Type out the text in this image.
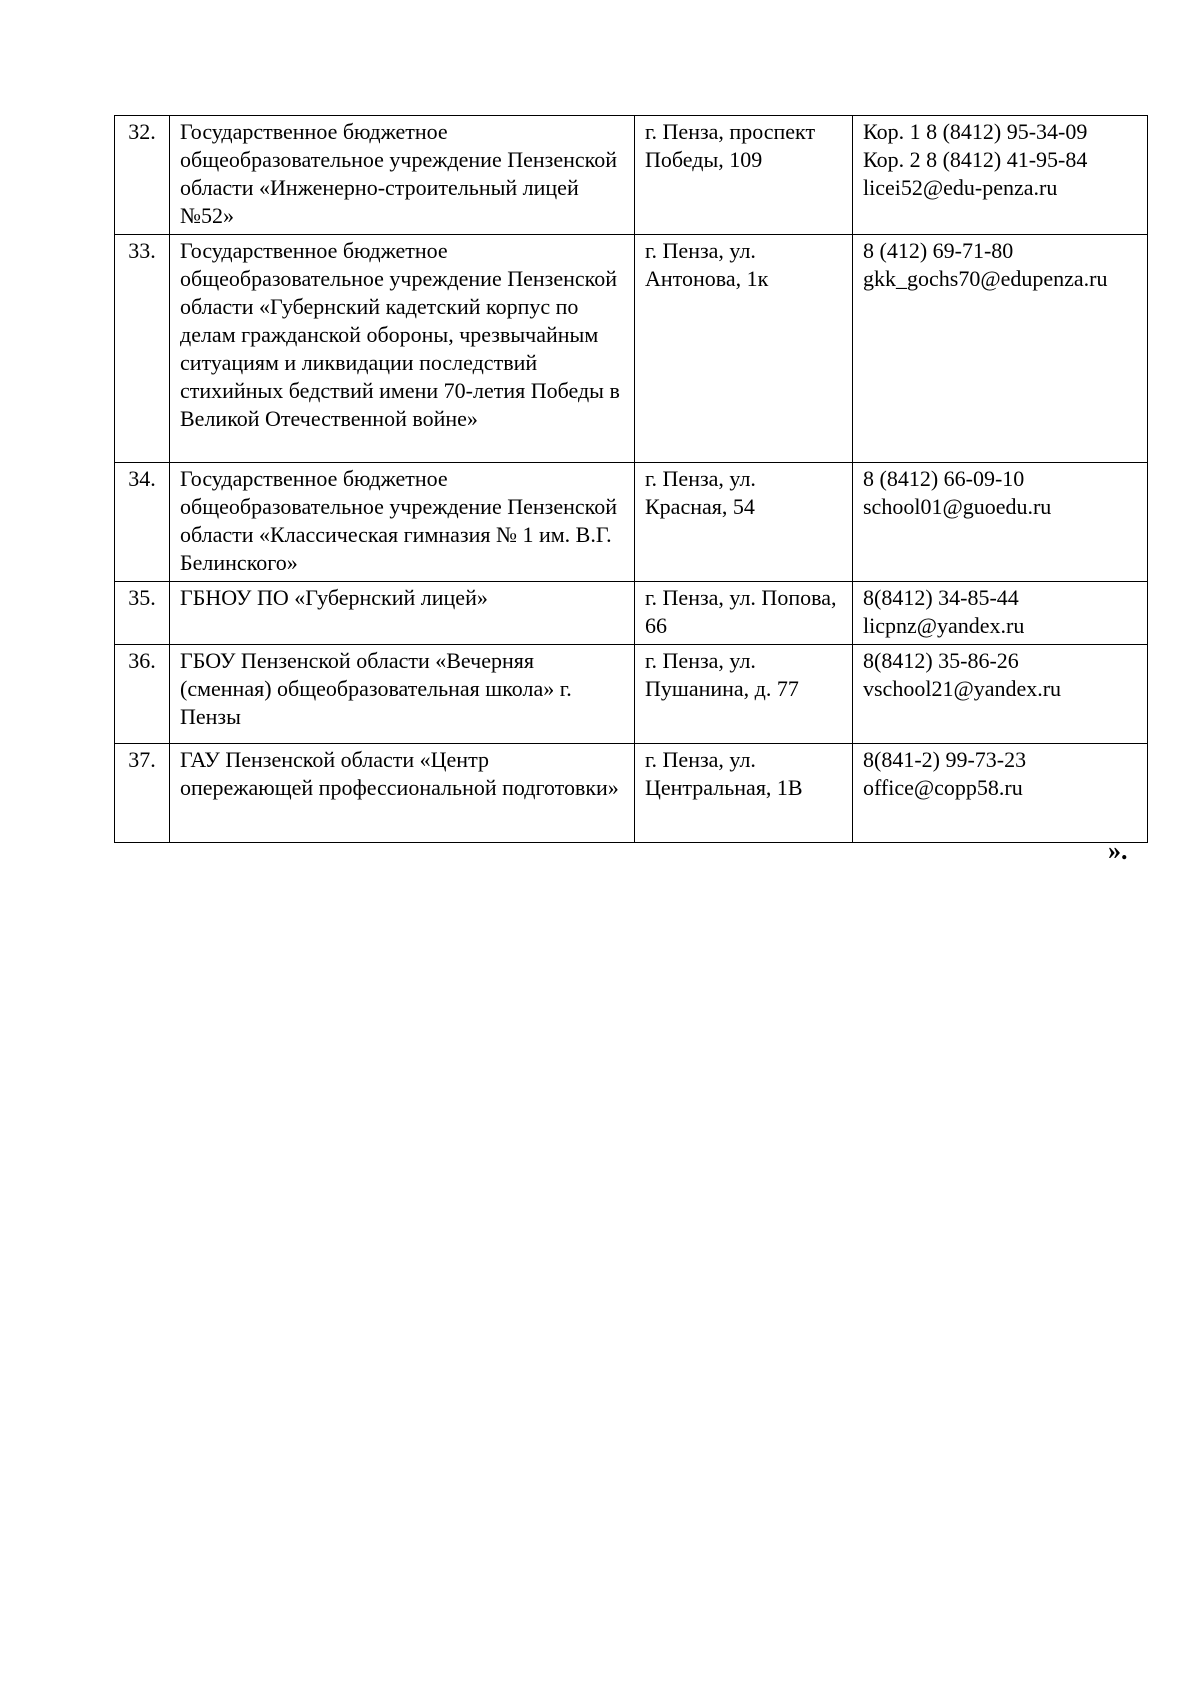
32.	Государственное бюджетное общеобразовательное учреждение Пензенской области «Инженерно-строительный лицей №52»	г. Пенза, проспект Победы, 109	Кор. 1 8 (8412) 95-34-09
Кор. 2 8 (8412) 41-95-84
licei52@edu-penza.ru
33.	Государственное бюджетное общеобразовательное учреждение Пензенской области «Губернский кадетский корпус по делам гражданской обороны, чрезвычайным ситуациям и ликвидации последствий стихийных бедствий имени 70-летия Победы в Великой Отечественной войне»	г. Пенза, ул. Антонова, 1к	8 (412) 69-71-80
gkk_gochs70@edupenza.ru
34.	Государственное бюджетное общеобразовательное учреждение Пензенской области «Классическая гимназия № 1 им. В.Г. Белинского»	г. Пенза, ул. Красная, 54	8 (8412) 66-09-10
school01@guoedu.ru
35.	ГБНОУ ПО «Губернский лицей»	г. Пенза, ул. Попова, 66	8(8412) 34-85-44
licpnz@yandex.ru
36.	ГБОУ Пензенской области «Вечерняя (сменная) общеобразовательная школа» г. Пензы	г. Пенза, ул. Пушанина, д. 77	8(8412) 35-86-26
vschool21@yandex.ru
37.	ГАУ Пензенской области «Центр опережающей профессиональной подготовки»	г. Пенза, ул. Центральная, 1В	8(841-2) 99-73-23
office@copp58.ru
».
